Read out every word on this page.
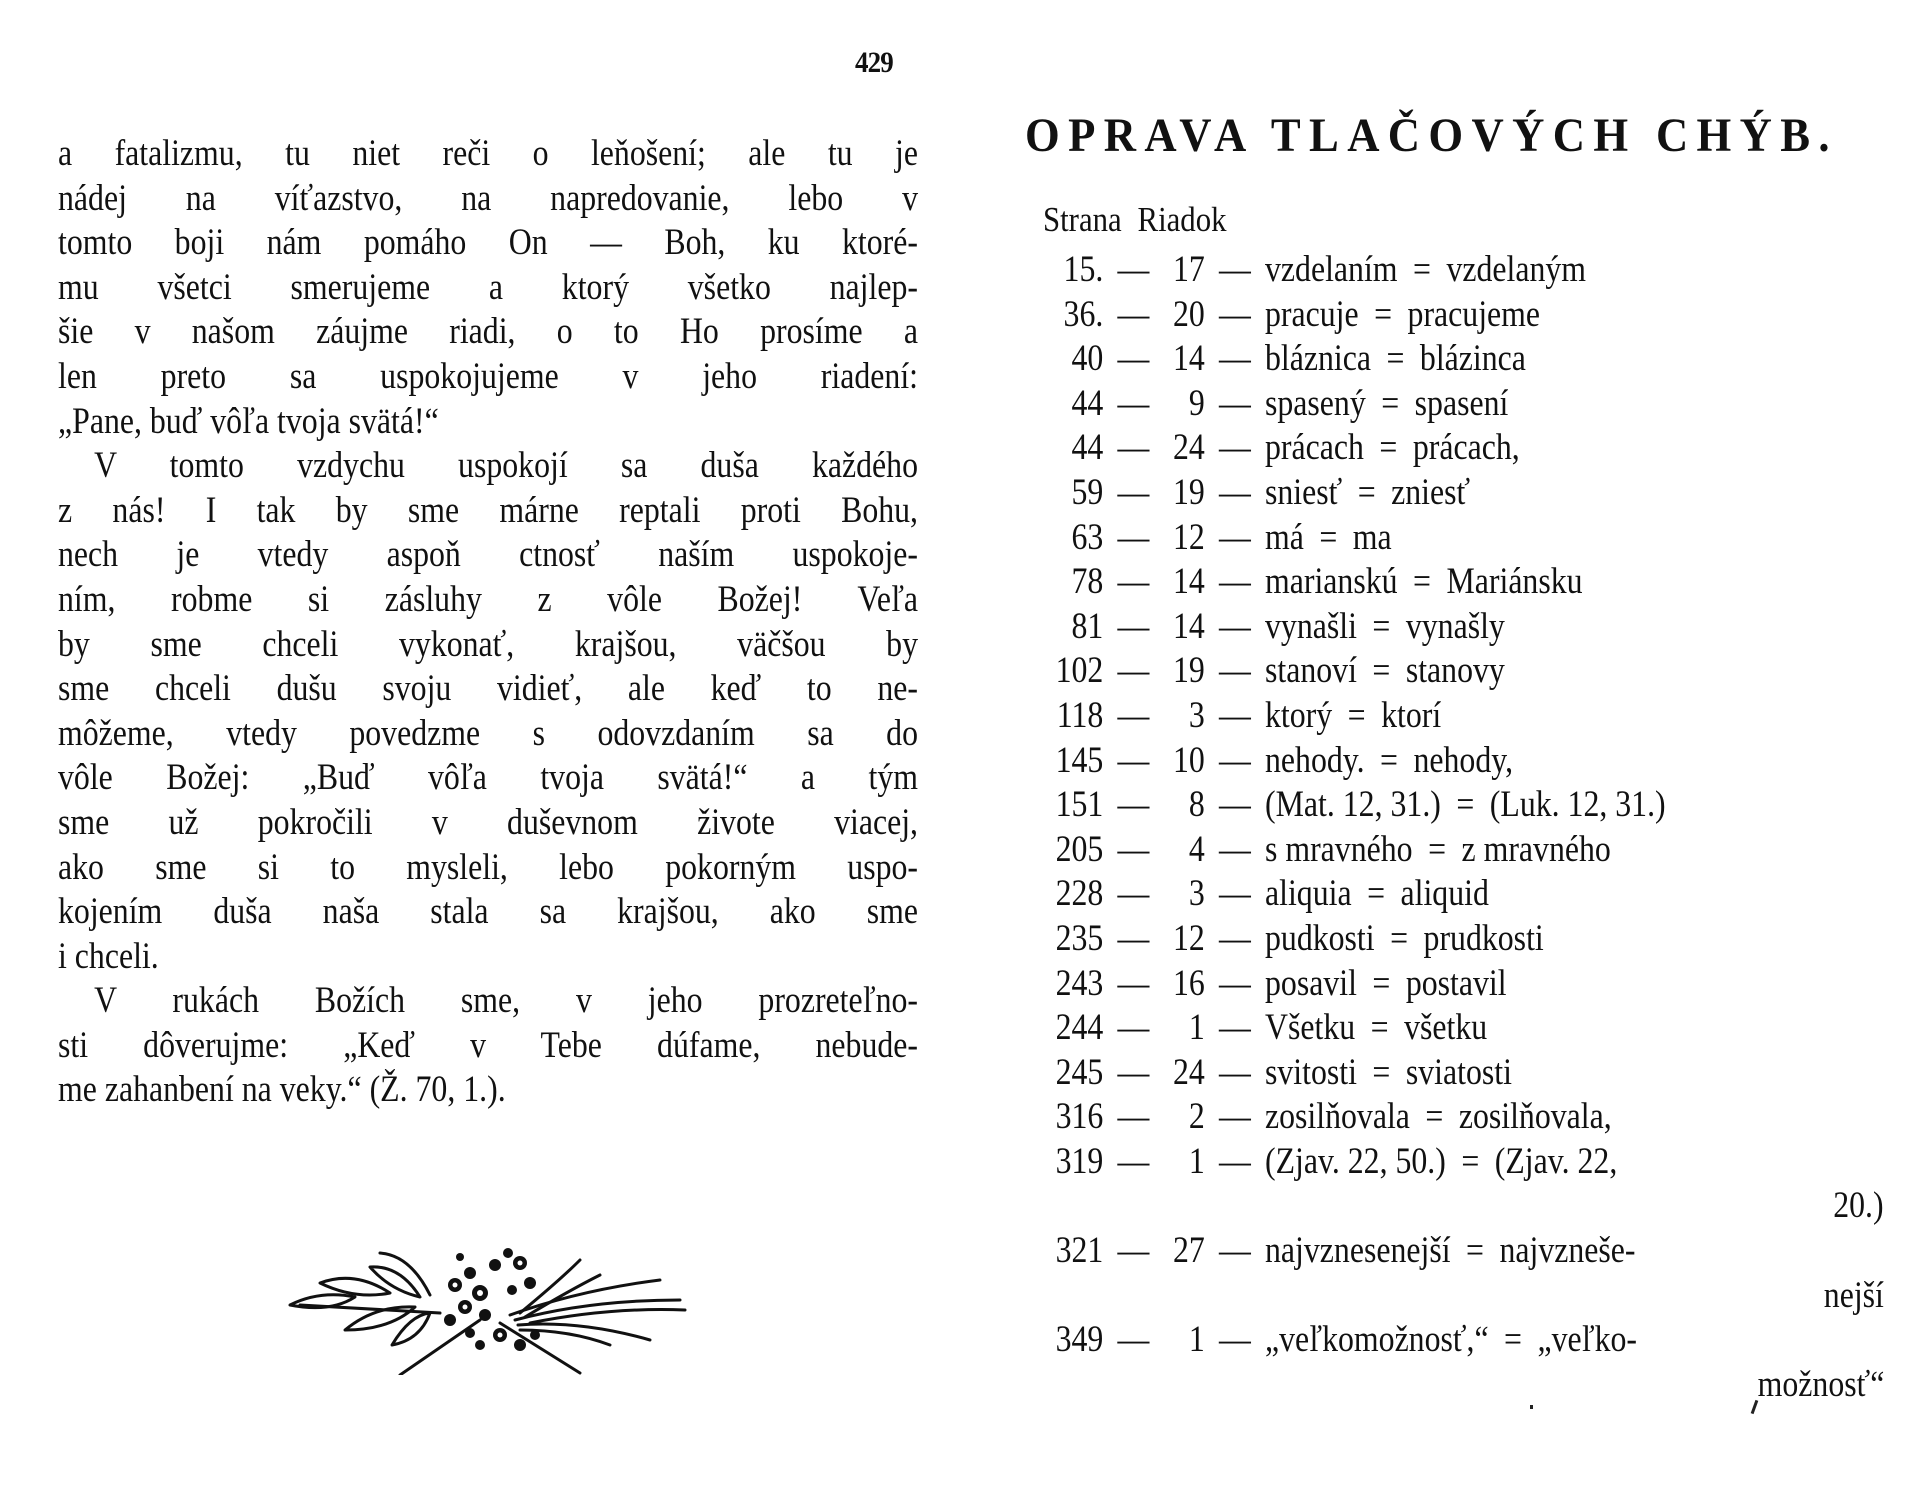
429
a fatalizmu, tu niet reči o leňošení; ale tu je
nádej na víťazstvo, na napredovanie, lebo v
tomto boji nám pomáho On — Boh, ku ktoré-
mu všetci smerujeme a ktorý všetko najlep-
šie v našom záujme riadi, o to Ho prosíme a
len preto sa uspokojujeme v jeho riadení:
„Pane, buď vôľa tvoja svätá!“
V tomto vzdychu uspokojí sa duša každého
z nás! I tak by sme márne reptali proti Bohu,
nech je vtedy aspoň ctnosť naším uspokoje-
ním, robme si zásluhy z vôle Božej! Veľa
by sme chceli vykonať, krajšou, väčšou by
sme chceli dušu svoju vidieť, ale keď to ne-
môžeme, vtedy povedzme s odovzdaním sa do
vôle Božej: „Buď vôľa tvoja svätá!“ a tým
sme už pokročili v duševnom živote viacej,
ako sme si to mysleli, lebo pokorným uspo-
kojením duša naša stala sa krajšou, ako sme
i chceli.
V rukách Božích sme, v jeho prozreteľno-
sti dôverujme: „Keď v Tebe dúfame, nebude-
me zahanbení na veky.“ (Ž. 70, 1.).
OPRAVA TLAČOVÝCH CHÝB.
Strana Riadok
15. — 17 — vzdelaním = vzdelaným
36. — 20 — pracuje = pracujeme
40 — 14 — bláznica = blázinca
44 —	9 — spasený = spasení
44 — 24 — prácach = prácach,
59 — 19 — sniesť = zniesť
63 — 12 — má = ma
78 — 14 — marianskú = Mariánsku
81 — 14 — vynašli = vynašly
102 — 19 — stanoví = stanovy
118 —	3 — ktorý = ktorí
145 — 10 — nehody. = nehody,
151 —	8 — (Mat. 12, 31.) = (Luk. 12, 31.)
205 —	4 — s mravného = z mravného
228 —	3 — aliquia = aliquid
235 — 12 — pudkosti = prudkosti
243 — 16 — posavil = postavil
244 —	1 — Všetku = všetku
245 — 24 — svitosti = sviatosti
316 —	2 — zosilňovala = zosilňovala,
319 —	1 — (Zjav. 22, 50.) = (Zjav. 22,
20.)
321 — 27 — najvznesenejší = najvzneše-
nejší
349 —	1 — „veľkomožnosť,“ = „veľko-
možnosť“
